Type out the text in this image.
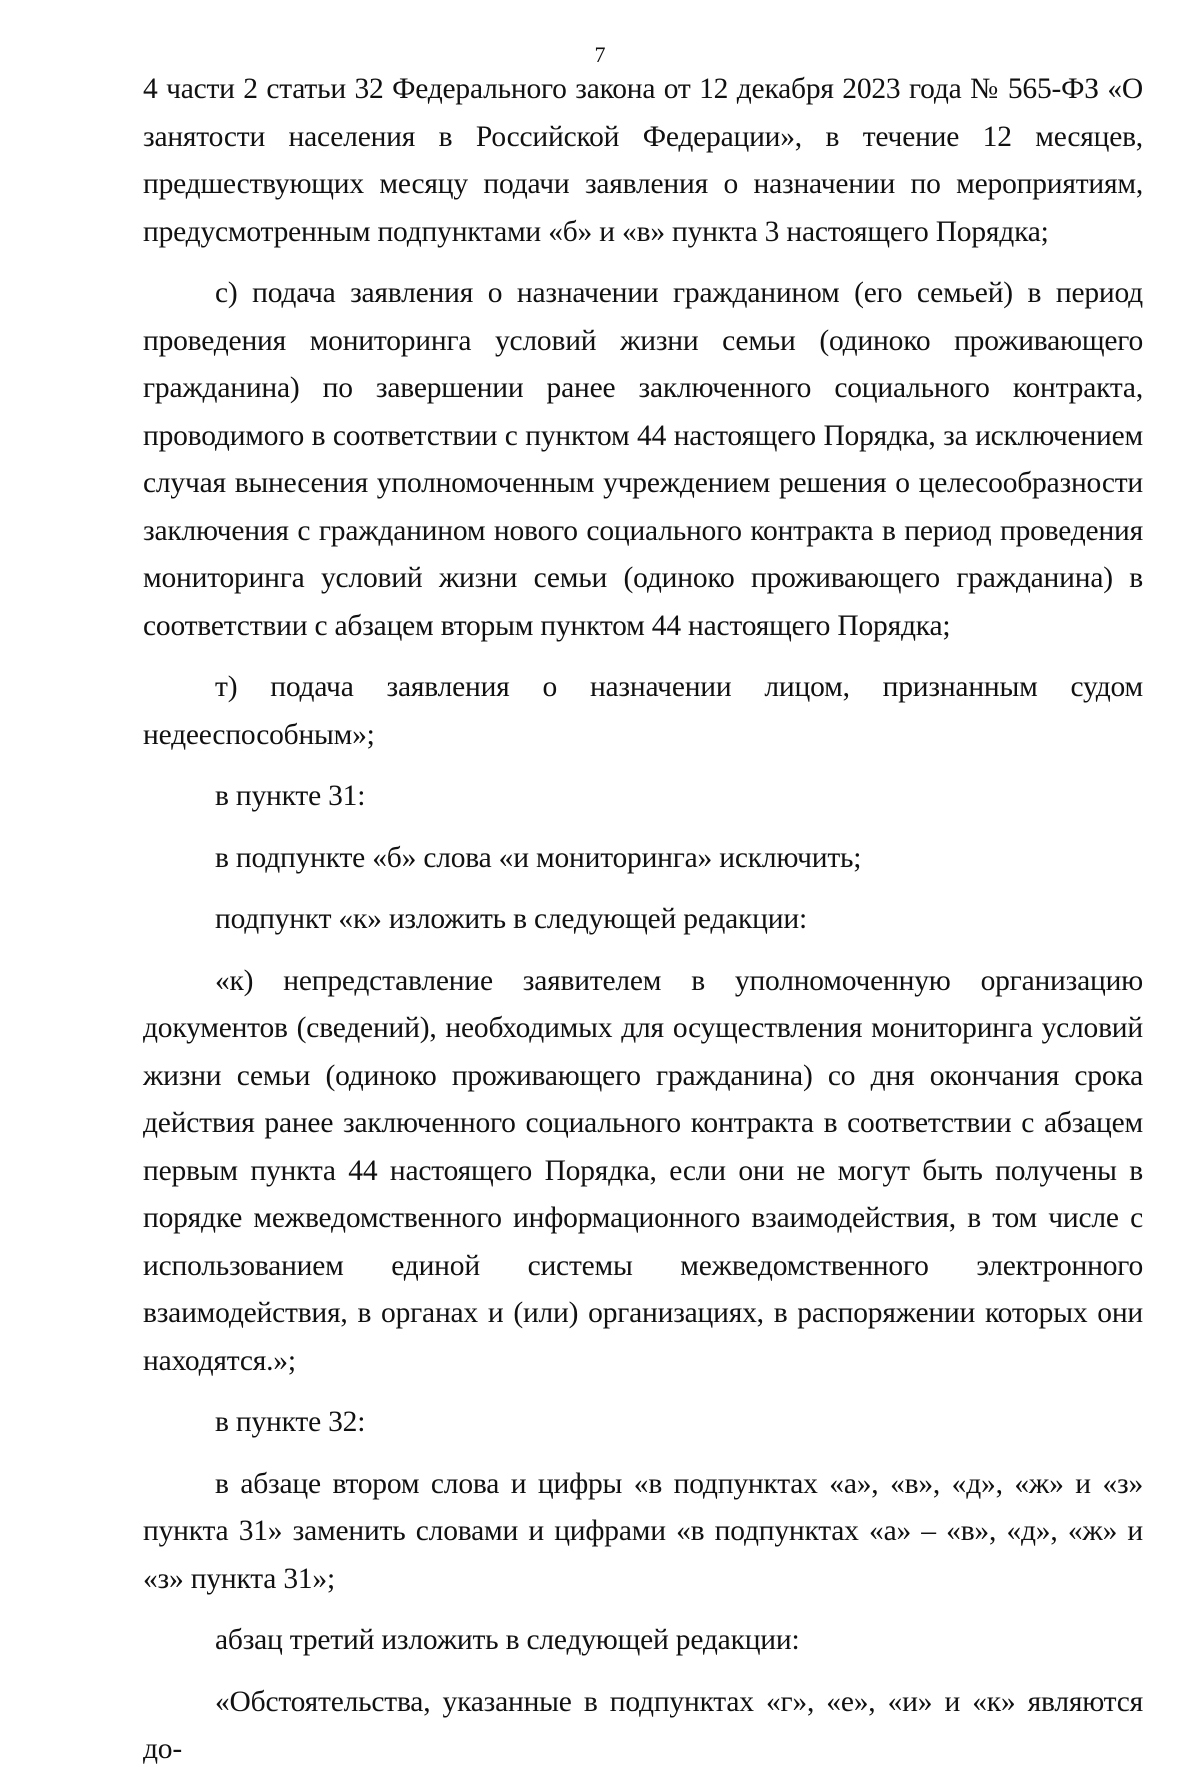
7

4 части 2 статьи 32 Федерального закона от 12 декабря 2023 года № 565-ФЗ «О занятости населения в Российской Федерации», в течение 12 месяцев, предшествующих месяцу подачи заявления о назначении по мероприятиям, предусмотренным подпунктами «б» и «в» пункта 3 настоящего Порядка;

с) подача заявления о назначении гражданином (его семьей) в период проведения мониторинга условий жизни семьи (одиноко проживающего гражданина) по завершении ранее заключенного социального контракта, проводимого в соответствии с пунктом 44 настоящего Порядка, за исключением случая вынесения уполномоченным учреждением решения о целесообразности заключения с гражданином нового социального контракта в период проведения мониторинга условий жизни семьи (одиноко проживающего гражданина) в соответствии с абзацем вторым пунктом 44 настоящего Порядка;

т) подача заявления о назначении лицом, признанным судом недееспособным»;

в пункте 31:

в подпункте «б» слова «и мониторинга» исключить;

подпункт «к» изложить в следующей редакции:

«к) непредставление заявителем в уполномоченную организацию документов (сведений), необходимых для осуществления мониторинга условий жизни семьи (одиноко проживающего гражданина) со дня окончания срока действия ранее заключенного социального контракта в соответствии с абзацем первым пункта 44 настоящего Порядка, если они не могут быть получены в порядке межведомственного информационного взаимодействия, в том числе с использованием единой системы межведомственного электронного взаимодействия, в органах и (или) организациях, в распоряжении которых они находятся.»;

в пункте 32:

в абзаце втором слова и цифры «в подпунктах «а», «в», «д», «ж» и «з» пункта 31» заменить словами и цифрами «в подпунктах «а» – «в», «д», «ж» и «з» пункта 31»;

абзац третий изложить в следующей редакции:

«Обстоятельства, указанные в подпунктах «г», «е», «и» и «к» являются до-
